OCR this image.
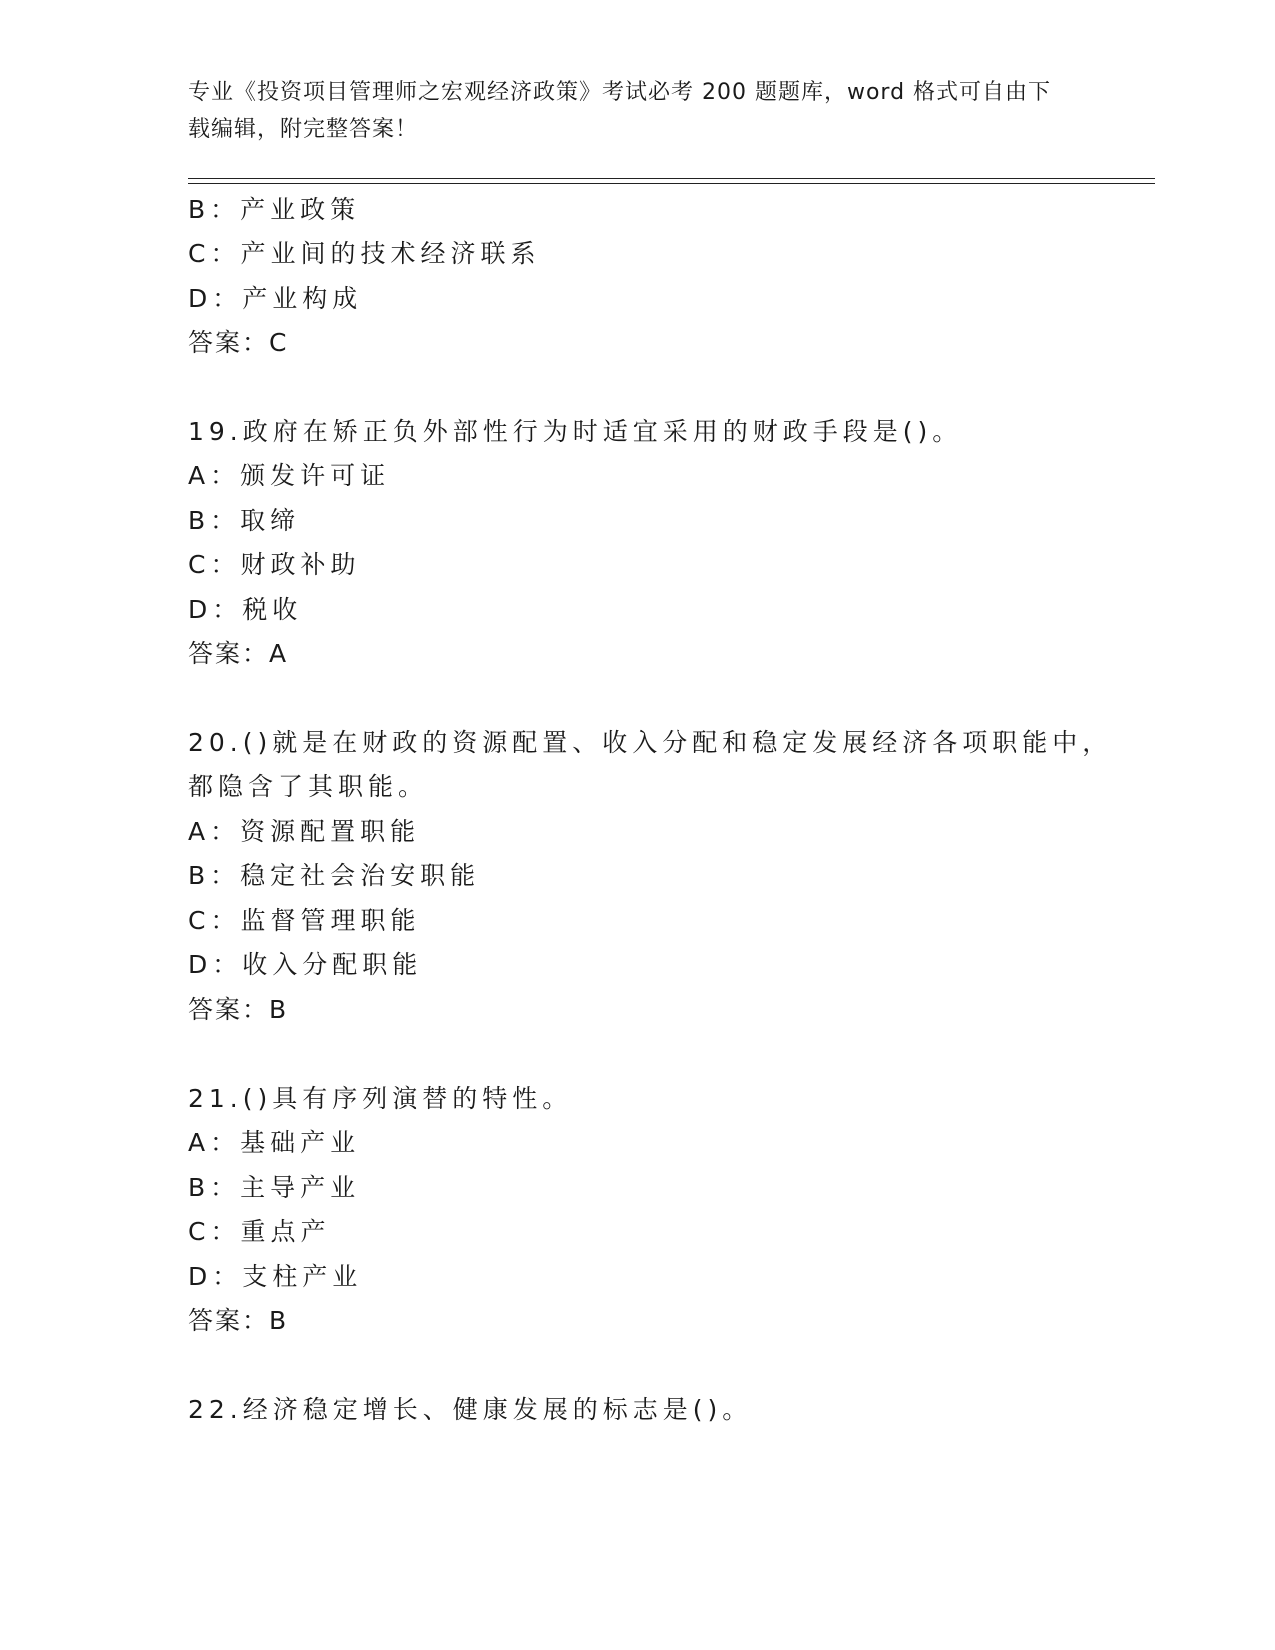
专业《投资项目管理师之宏观经济政策》考试必考 200 题题库，word 格式可自由下载编辑，附完整答案！
B：产业政策
C：产业间的技术经济联系
D：产业构成
答案：C
19.政府在矫正负外部性行为时适宜采用的财政手段是()。
A：颁发许可证
B：取缔
C：财政补助
D：税收
答案：A
20.()就是在财政的资源配置、收入分配和稳定发展经济各项职能中，
都隐含了其职能。
A：资源配置职能
B：稳定社会治安职能
C：监督管理职能
D：收入分配职能
答案：B
21.()具有序列演替的特性。
A：基础产业
B：主导产业
C：重点产
D：支柱产业
答案：B
22.经济稳定增长、健康发展的标志是()。
